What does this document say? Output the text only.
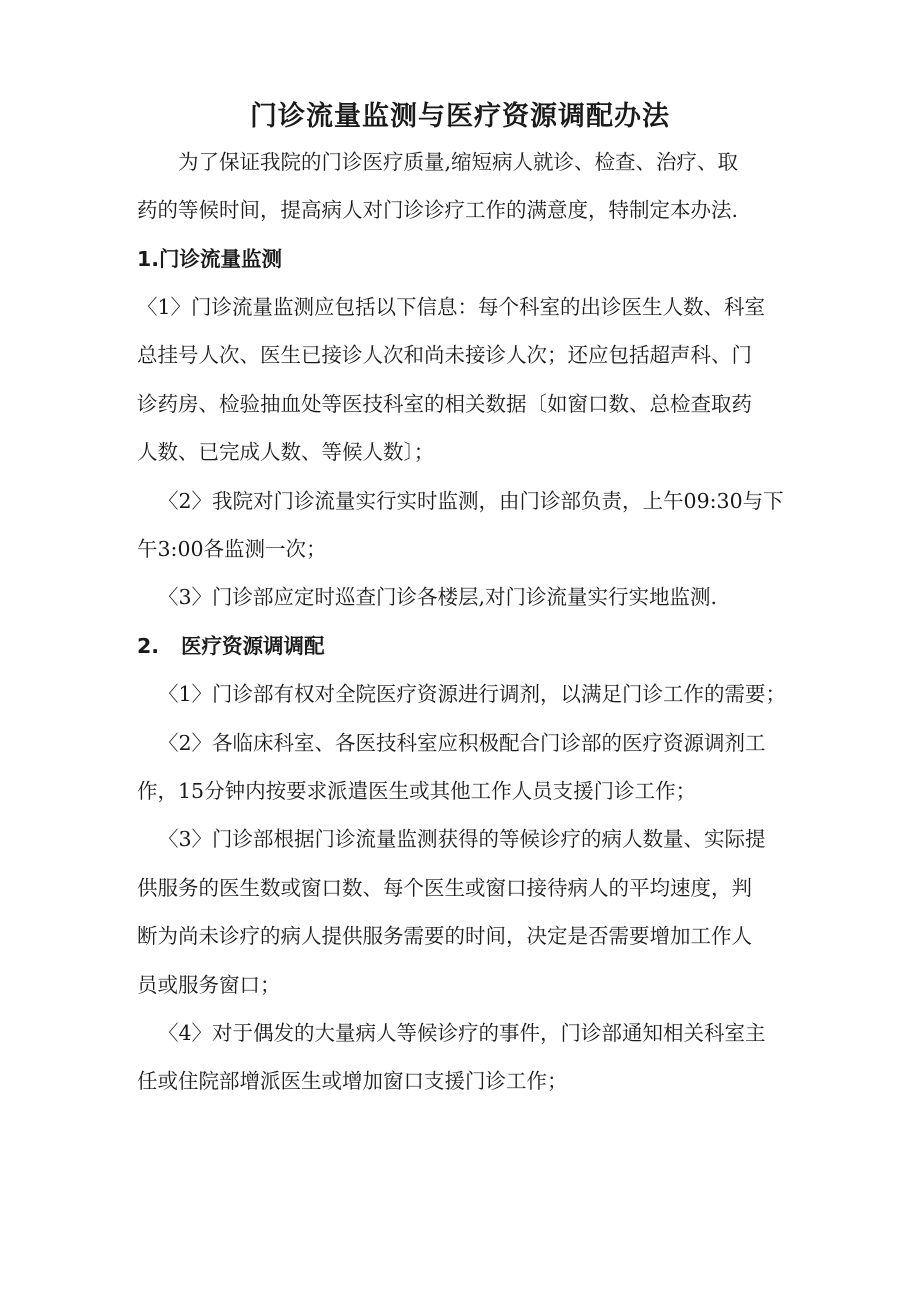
门诊流量监测与医疗资源调配办法
为了保证我院的门诊医疗质量,缩短病人就诊、检查、治疗、取
药的等候时间，提高病人对门诊诊疗工作的满意度，特制定本办法.
1.门诊流量监测
〈1〉门诊流量监测应包括以下信息：每个科室的出诊医生人数、科室
总挂号人次、医生已接诊人次和尚未接诊人次；还应包括超声科、门
诊药房、检验抽血处等医技科室的相关数据〔如窗口数、总检查取药
人数、已完成人数、等候人数〕；
〈2〉我院对门诊流量实行实时监测，由门诊部负责，上午09:30与下
午3:00各监测一次；
〈3〉门诊部应定时巡查门诊各楼层,对门诊流量实行实地监测.
2. 医疗资源调调配
〈1〉门诊部有权对全院医疗资源进行调剂，以满足门诊工作的需要；
〈2〉各临床科室、各医技科室应积极配合门诊部的医疗资源调剂工
作，15分钟内按要求派遣医生或其他工作人员支援门诊工作；
〈3〉门诊部根据门诊流量监测获得的等候诊疗的病人数量、实际提
供服务的医生数或窗口数、每个医生或窗口接待病人的平均速度，判
断为尚未诊疗的病人提供服务需要的时间，决定是否需要增加工作人
员或服务窗口；
〈4〉对于偶发的大量病人等候诊疗的事件，门诊部通知相关科室主
任或住院部增派医生或增加窗口支援门诊工作；
